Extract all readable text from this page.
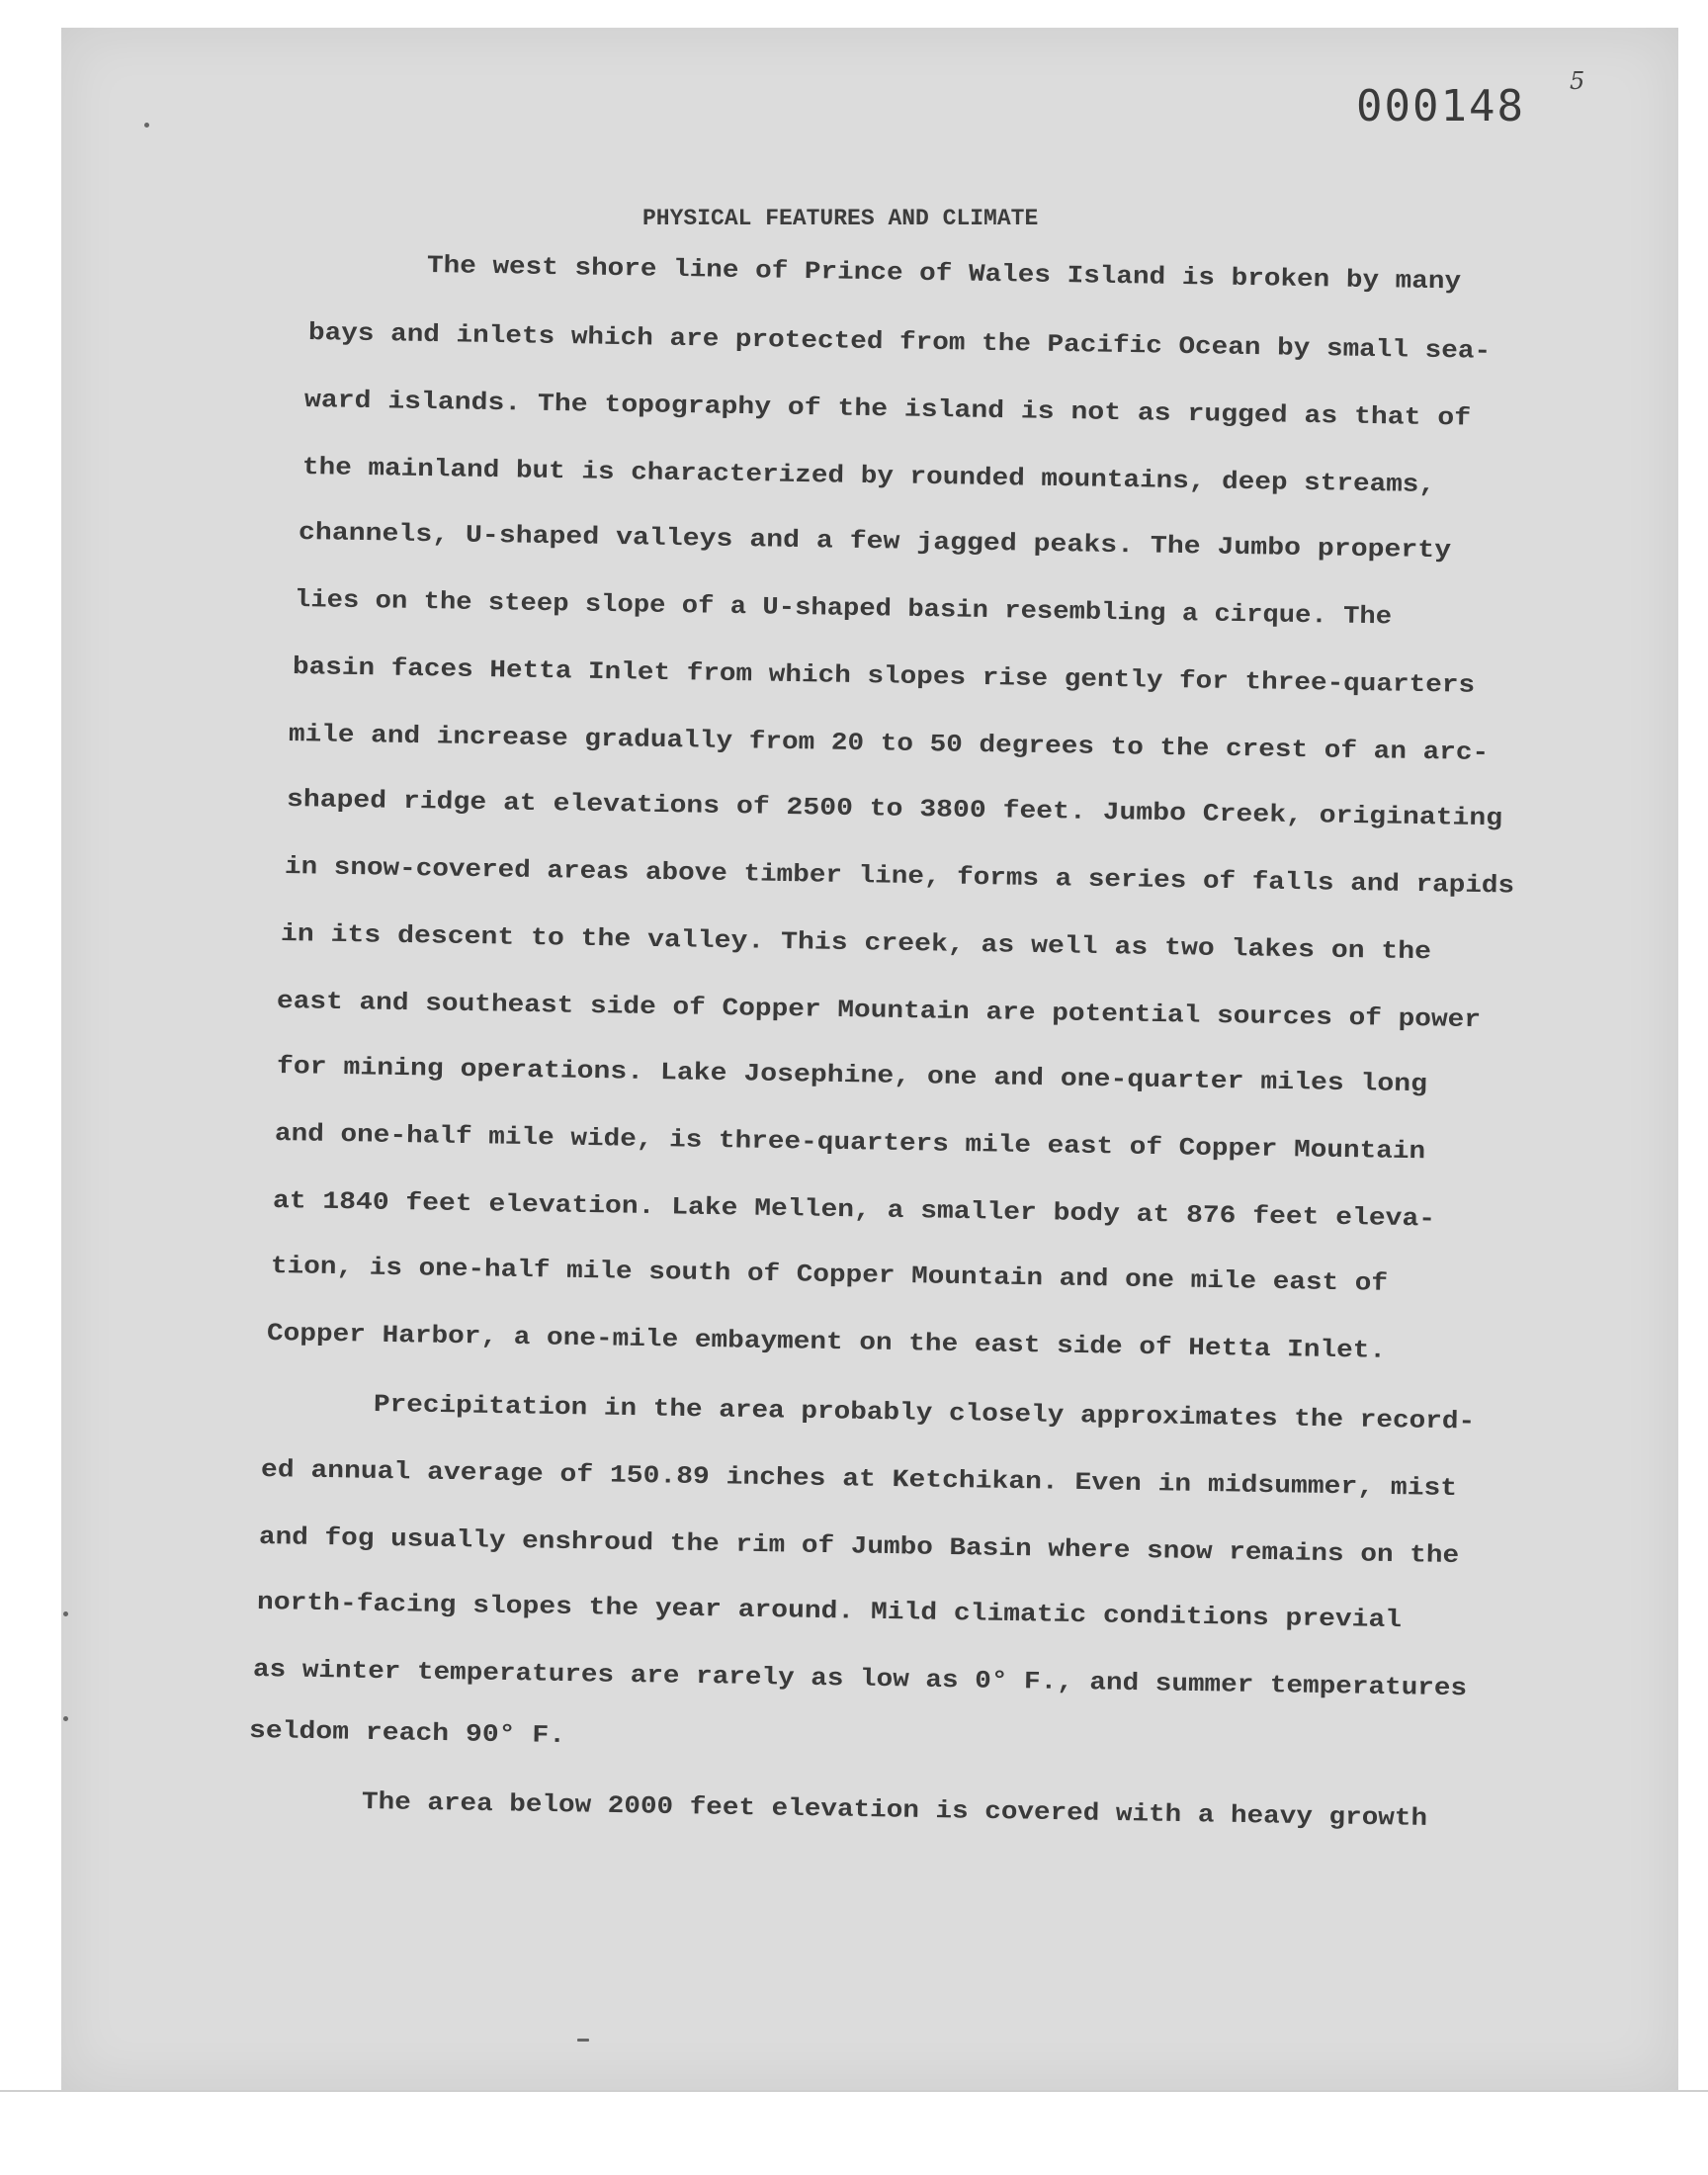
000148 5
PHYSICAL FEATURES AND CLIMATE
The west shore line of Prince of Wales Island is broken by many
bays and inlets which are protected from the Pacific Ocean by small sea-
ward islands. The topography of the island is not as rugged as that of
the mainland but is characterized by rounded mountains, deep streams,
channels, U-shaped valleys and a few jagged peaks. The Jumbo property
lies on the steep slope of a U-shaped basin resembling a cirque. The
basin faces Hetta Inlet from which slopes rise gently for three-quarters
mile and increase gradually from 20 to 50 degrees to the crest of an arc-
shaped ridge at elevations of 2500 to 3800 feet. Jumbo Creek, originating
in snow-covered areas above timber line, forms a series of falls and rapids
in its descent to the valley. This creek, as well as two lakes on the
east and southeast side of Copper Mountain are potential sources of power
for mining operations. Lake Josephine, one and one-quarter miles long
and one-half mile wide, is three-quarters mile east of Copper Mountain
at 1840 feet elevation. Lake Mellen, a smaller body at 876 feet eleva-
tion, is one-half mile south of Copper Mountain and one mile east of
Copper Harbor, a one-mile embayment on the east side of Hetta Inlet.
Precipitation in the area probably closely approximates the record-
ed annual average of 150.89 inches at Ketchikan. Even in midsummer, mist
and fog usually enshroud the rim of Jumbo Basin where snow remains on the
north-facing slopes the year around. Mild climatic conditions previal
as winter temperatures are rarely as low as 0° F., and summer temperatures
seldom reach 90° F.
The area below 2000 feet elevation is covered with a heavy growth
